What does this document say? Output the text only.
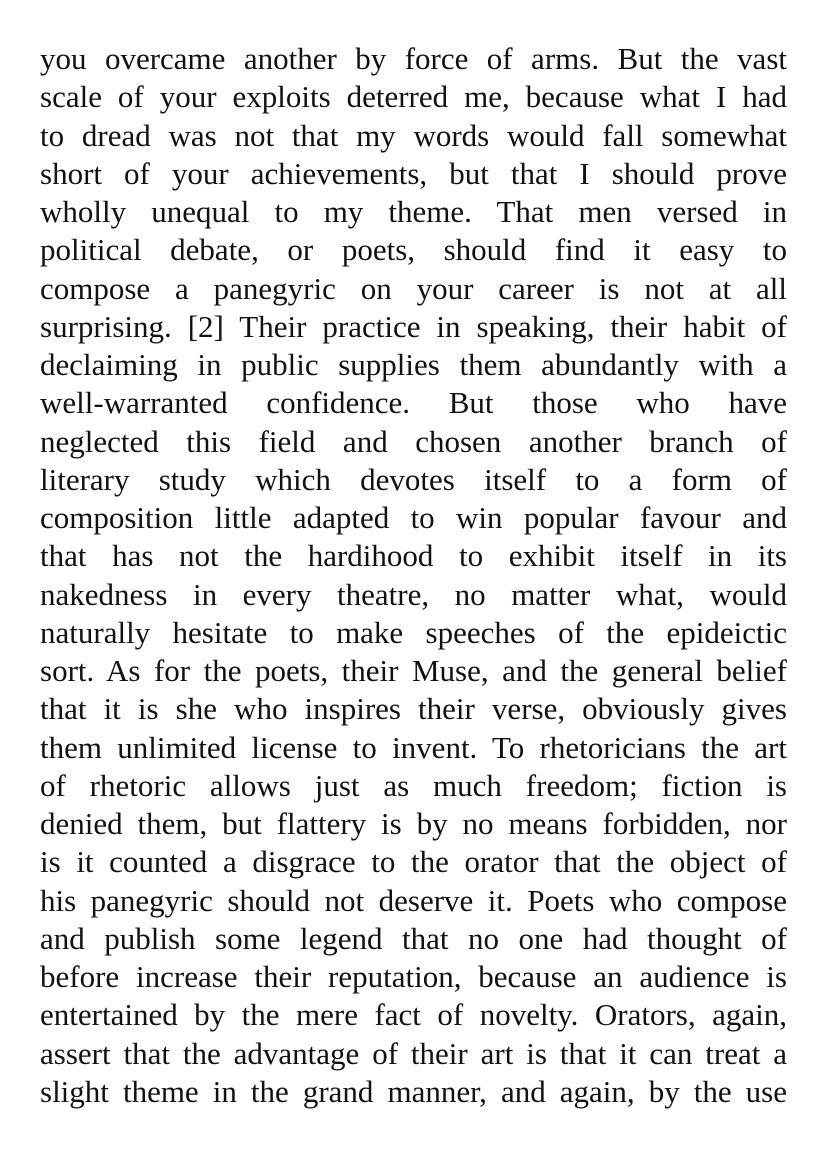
you overcame another by force of arms. But the vast
scale of your exploits deterred me, because what I had
to dread was not that my words would fall somewhat
short of your achievements, but that I should prove
wholly unequal to my theme. That men versed in
political debate, or poets, should find it easy to
compose a panegyric on your career is not at all
surprising. [2] Their practice in speaking, their habit of
declaiming in public supplies them abundantly with a
well-warranted confidence. But those who have
neglected this field and chosen another branch of
literary study which devotes itself to a form of
composition little adapted to win popular favour and
that has not the hardihood to exhibit itself in its
nakedness in every theatre, no matter what, would
naturally hesitate to make speeches of the epideictic
sort. As for the poets, their Muse, and the general belief
that it is she who inspires their verse, obviously gives
them unlimited license to invent. To rhetoricians the art
of rhetoric allows just as much freedom; fiction is
denied them, but flattery is by no means forbidden, nor
is it counted a disgrace to the orator that the object of
his panegyric should not deserve it. Poets who compose
and publish some legend that no one had thought of
before increase their reputation, because an audience is
entertained by the mere fact of novelty. Orators, again,
assert that the advantage of their art is that it can treat a
slight theme in the grand manner, and again, by the use
